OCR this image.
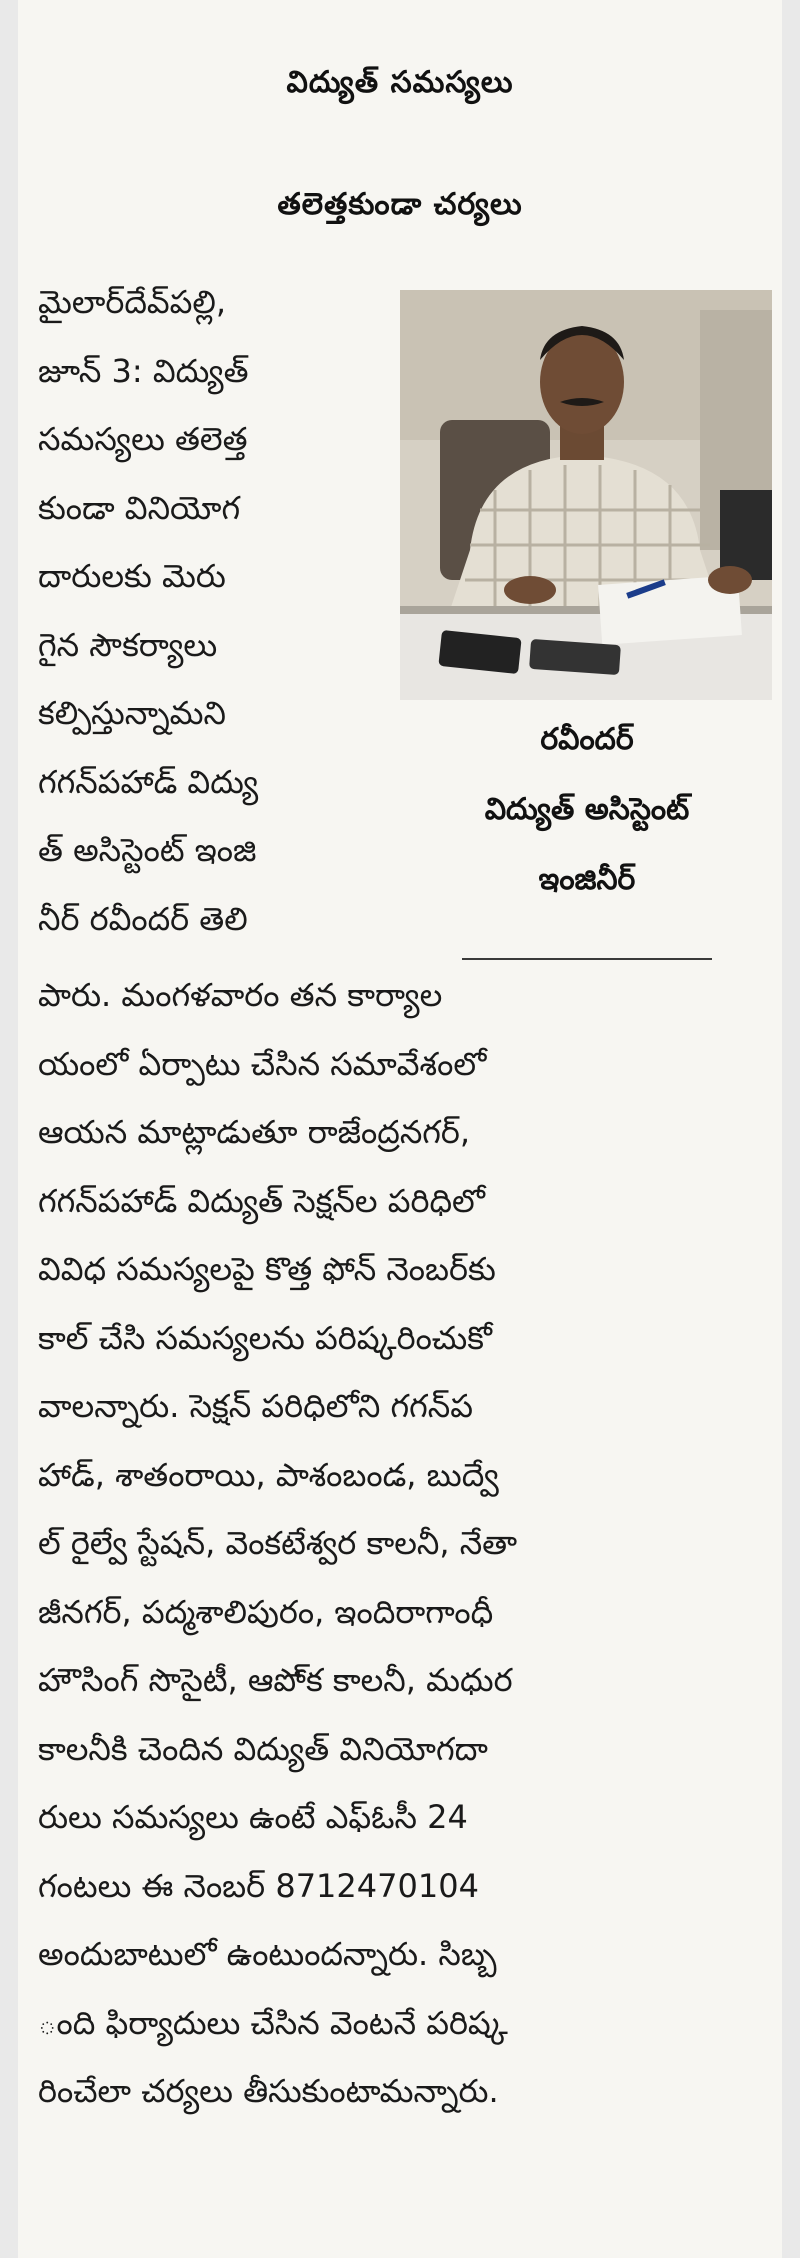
విద్యుత్ సమస్యలు
తలెత్తకుండా చర్యలు
మైలార్‌దేవ్‌పల్లి,
జూన్ 3: విద్యుత్
సమస్యలు తలెత్త
కుండా వినియోగ
దారులకు మెరు
గైన సౌకర్యాలు
కల్పిస్తున్నామని
గగన్‌పహాడ్ విద్యు
త్ అసిస్టెంట్ ఇంజి
నీర్ రవీందర్ తెలి
రవీందర్
విద్యుత్ అసిస్టెంట్
ఇంజినీర్
పారు. మంగళవారం తన కార్యాల
యంలో ఏర్పాటు చేసిన సమావేశంలో
ఆయన మాట్లాడుతూ రాజేంద్రనగర్,
గగన్‌పహాడ్ విద్యుత్ సెక్షన్‌ల పరిధిలో
వివిధ సమస్యలపై కొత్త ఫోన్ నెంబర్‌కు
కాల్ చేసి సమస్యలను పరిష్కరించుకో
వాలన్నారు. సెక్షన్ పరిధిలోని గగన్‌ప
హాడ్, శాతంరాయి, పాశంబండ, బుద్వే
ల్ రైల్వే స్టేషన్, వెంకటేశ్వర కాలనీ, నేతా
జీనగర్, పద్మశాలిపురం, ఇందిరాగాంధీ
హౌసింగ్ సొసైటీ, ఆపో్క కాలనీ, మధుర
కాలనీకి చెందిన విద్యుత్ వినియోగదా
రులు సమస్యలు ఉంటే ఎఫ్‌ఓసీ 24
గంటలు ఈ నెంబర్ 8712470104
అందుబాటులో ఉంటుందన్నారు. సిబ్బ
ంది ఫిర్యాదులు చేసిన వెంటనే పరిష్క
రించేలా చర్యలు తీసుకుంటామన్నారు.
